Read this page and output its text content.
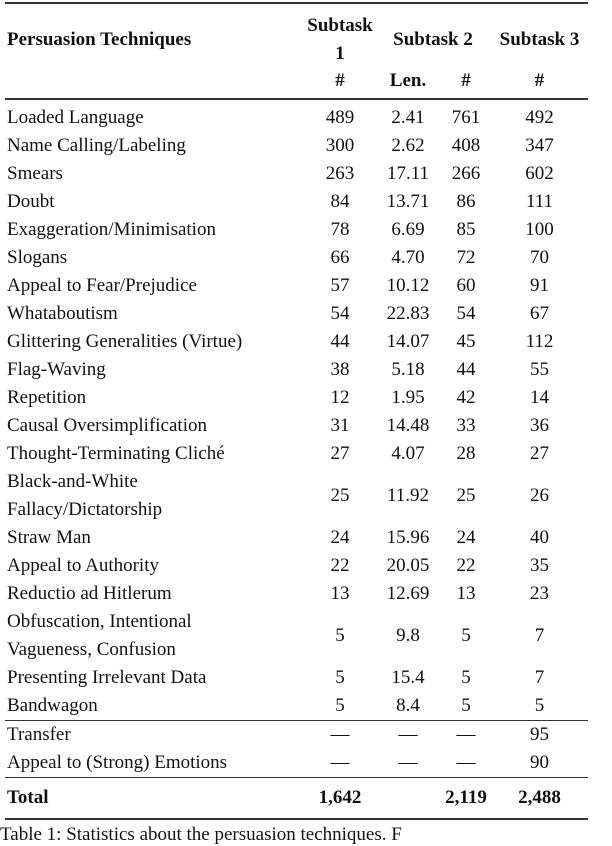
Persuasion Techniques	Subtask 1	Subtask 2		Subtask 3
	#	Len.	#	#
Loaded Language	489	2.41	761	492
Name Calling/Labeling	300	2.62	408	347
Smears	263	17.11	266	602
Doubt	84	13.71	86	111
Exaggeration/Minimisation	78	6.69	85	100
Slogans	66	4.70	72	70
Appeal to Fear/Prejudice	57	10.12	60	91
Whataboutism	54	22.83	54	67
Glittering Generalities (Virtue)	44	14.07	45	112
Flag-Waving	38	5.18	44	55
Repetition	12	1.95	42	14
Causal Oversimplification	31	14.48	33	36
Thought-Terminating Cliché	27	4.07	28	27
Black-and-White
Fallacy/Dictatorship	25	11.92	25	26
Straw Man	24	15.96	24	40
Appeal to Authority	22	20.05	22	35
Reductio ad Hitlerum	13	12.69	13	23
Obfuscation, Intentional
Vagueness, Confusion	5	9.8	5	7
Presenting Irrelevant Data	5	15.4	5	7
Bandwagon	5	8.4	5	5
Transfer	—	—	—	95
Appeal to (Strong) Emotions	—	—	—	90
Total	1,642		2,119	2,488
Table 1: Statistics about the persuasion techniques. F
